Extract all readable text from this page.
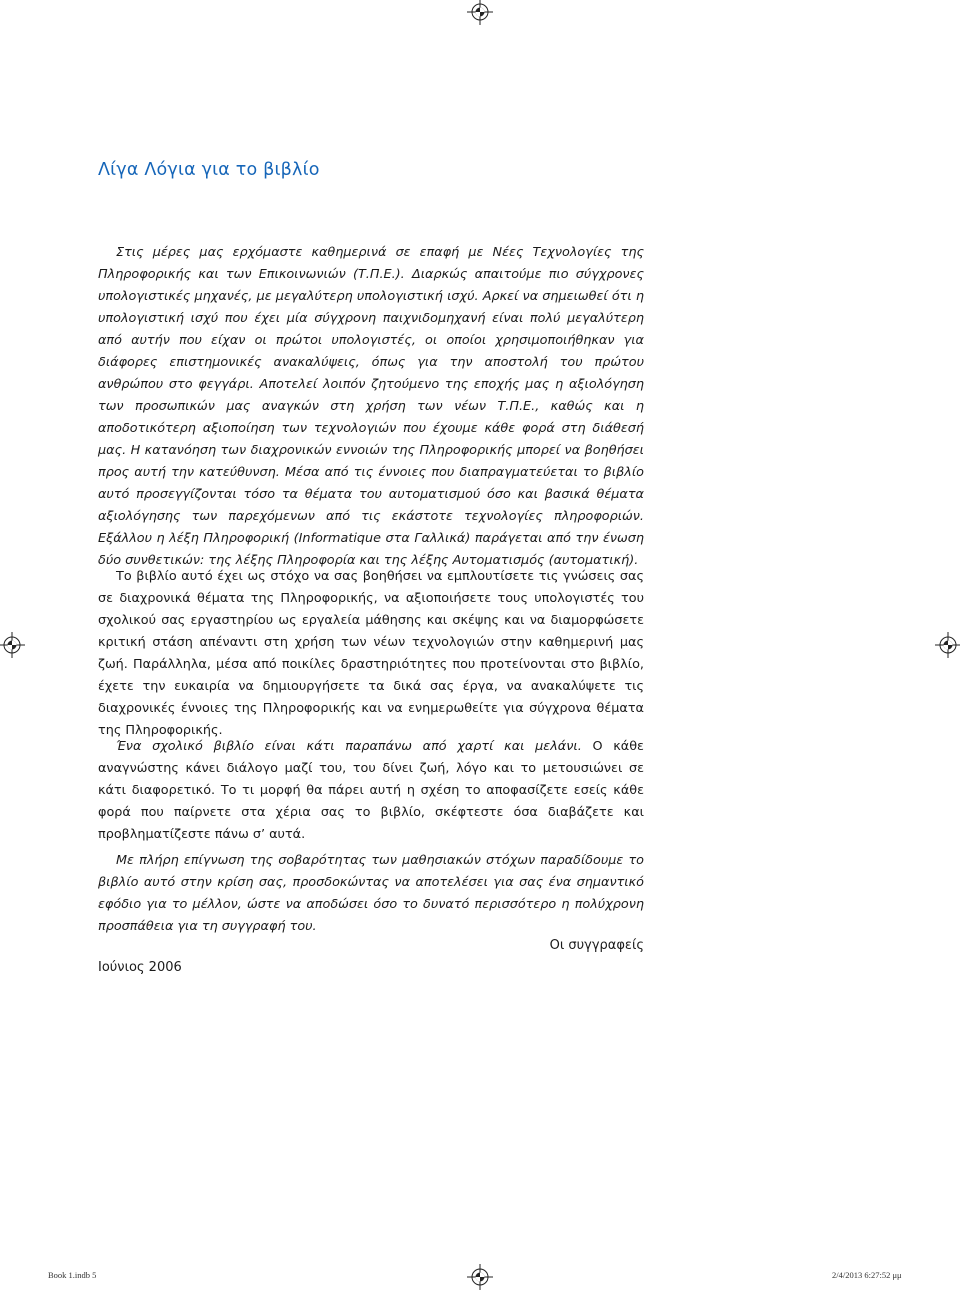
Λίγα Λόγια για το βιβλίο

Στις μέρες μας ερχόμαστε καθημερινά σε επαφή με Νέες Τεχνολογίες της Πληροφορικής και των Επικοινωνιών (Τ.Π.Ε.). Διαρκώς απαιτούμε πιο σύγχρονες υπολογιστικές μηχανές, με μεγαλύτερη υπολογιστική ισχύ. Αρκεί να σημειωθεί ότι η υπολογιστική ισχύ που έχει μία σύγχρονη παιχνιδομηχανή είναι πολύ μεγαλύτερη από αυτήν που είχαν οι πρώτοι υπολογιστές, οι οποίοι χρησιμοποιήθηκαν για διάφορες επιστημονικές ανακαλύψεις, όπως για την αποστολή του πρώτου ανθρώπου στο φεγγάρι. Αποτελεί λοιπόν ζητούμενο της εποχής μας η αξιολόγηση των προσωπικών μας αναγκών στη χρήση των νέων Τ.Π.Ε., καθώς και η αποδοτικότερη αξιοποίηση των τεχνολογιών που έχουμε κάθε φορά στη διάθεσή μας. Η κατανόηση των διαχρονικών εννοιών της Πληροφορικής μπορεί να βοηθήσει προς αυτή την κατεύθυνση. Μέσα από τις έννοιες που διαπραγματεύεται το βιβλίο αυτό προσεγγίζονται τόσο τα θέματα του αυτοματισμού όσο και βασικά θέματα αξιολόγησης των παρεχόμενων από τις εκάστοτε τεχνολογίες πληροφοριών. Εξάλλου η λέξη Πληροφορική (Informatique στα Γαλλικά) παράγεται από την ένωση δύο συνθετικών: της λέξης Πληροφορία και της λέξης Αυτοματισμός (αυτοματική).

Το βιβλίο αυτό έχει ως στόχο να σας βοηθήσει να εμπλουτίσετε τις γνώσεις σας σε διαχρονικά θέματα της Πληροφορικής, να αξιοποιήσετε τους υπολογιστές του σχολικού σας εργαστηρίου ως εργαλεία μάθησης και σκέψης και να διαμορφώσετε κριτική στάση απέναντι στη χρήση των νέων τεχνολογιών στην καθημερινή μας ζωή. Παράλληλα, μέσα από ποικίλες δραστηριότητες που προτείνονται στο βιβλίο, έχετε την ευκαιρία να δημιουργήσετε τα δικά σας έργα, να ανακαλύψετε τις διαχρονικές έννοιες της Πληροφορικής και να ενημερωθείτε για σύγχρονα θέματα της Πληροφορικής.

Ένα σχολικό βιβλίο είναι κάτι παραπάνω από χαρτί και μελάνι. Ο κάθε αναγνώστης κάνει διάλογο μαζί του, του δίνει ζωή, λόγο και το μετουσιώνει σε κάτι διαφορετικό. Το τι μορφή θα πάρει αυτή η σχέση το αποφασίζετε εσείς κάθε φορά που παίρνετε στα χέρια σας το βιβλίο, σκέφτεστε όσα διαβάζετε και προβληματίζεστε πάνω σ’ αυτά.

Με πλήρη επίγνωση της σοβαρότητας των μαθησιακών στόχων παραδίδουμε το βιβλίο αυτό στην κρίση σας, προσδοκώντας να αποτελέσει για σας ένα σημαντικό εφόδιο για το μέλλον, ώστε να αποδώσει όσο το δυνατό περισσότερο η πολύχρονη προσπάθεια για τη συγγραφή του.

Οι συγγραφείς

Ιούνιος 2006

Book 1.indb 5	2/4/2013 6:27:52 μμ
